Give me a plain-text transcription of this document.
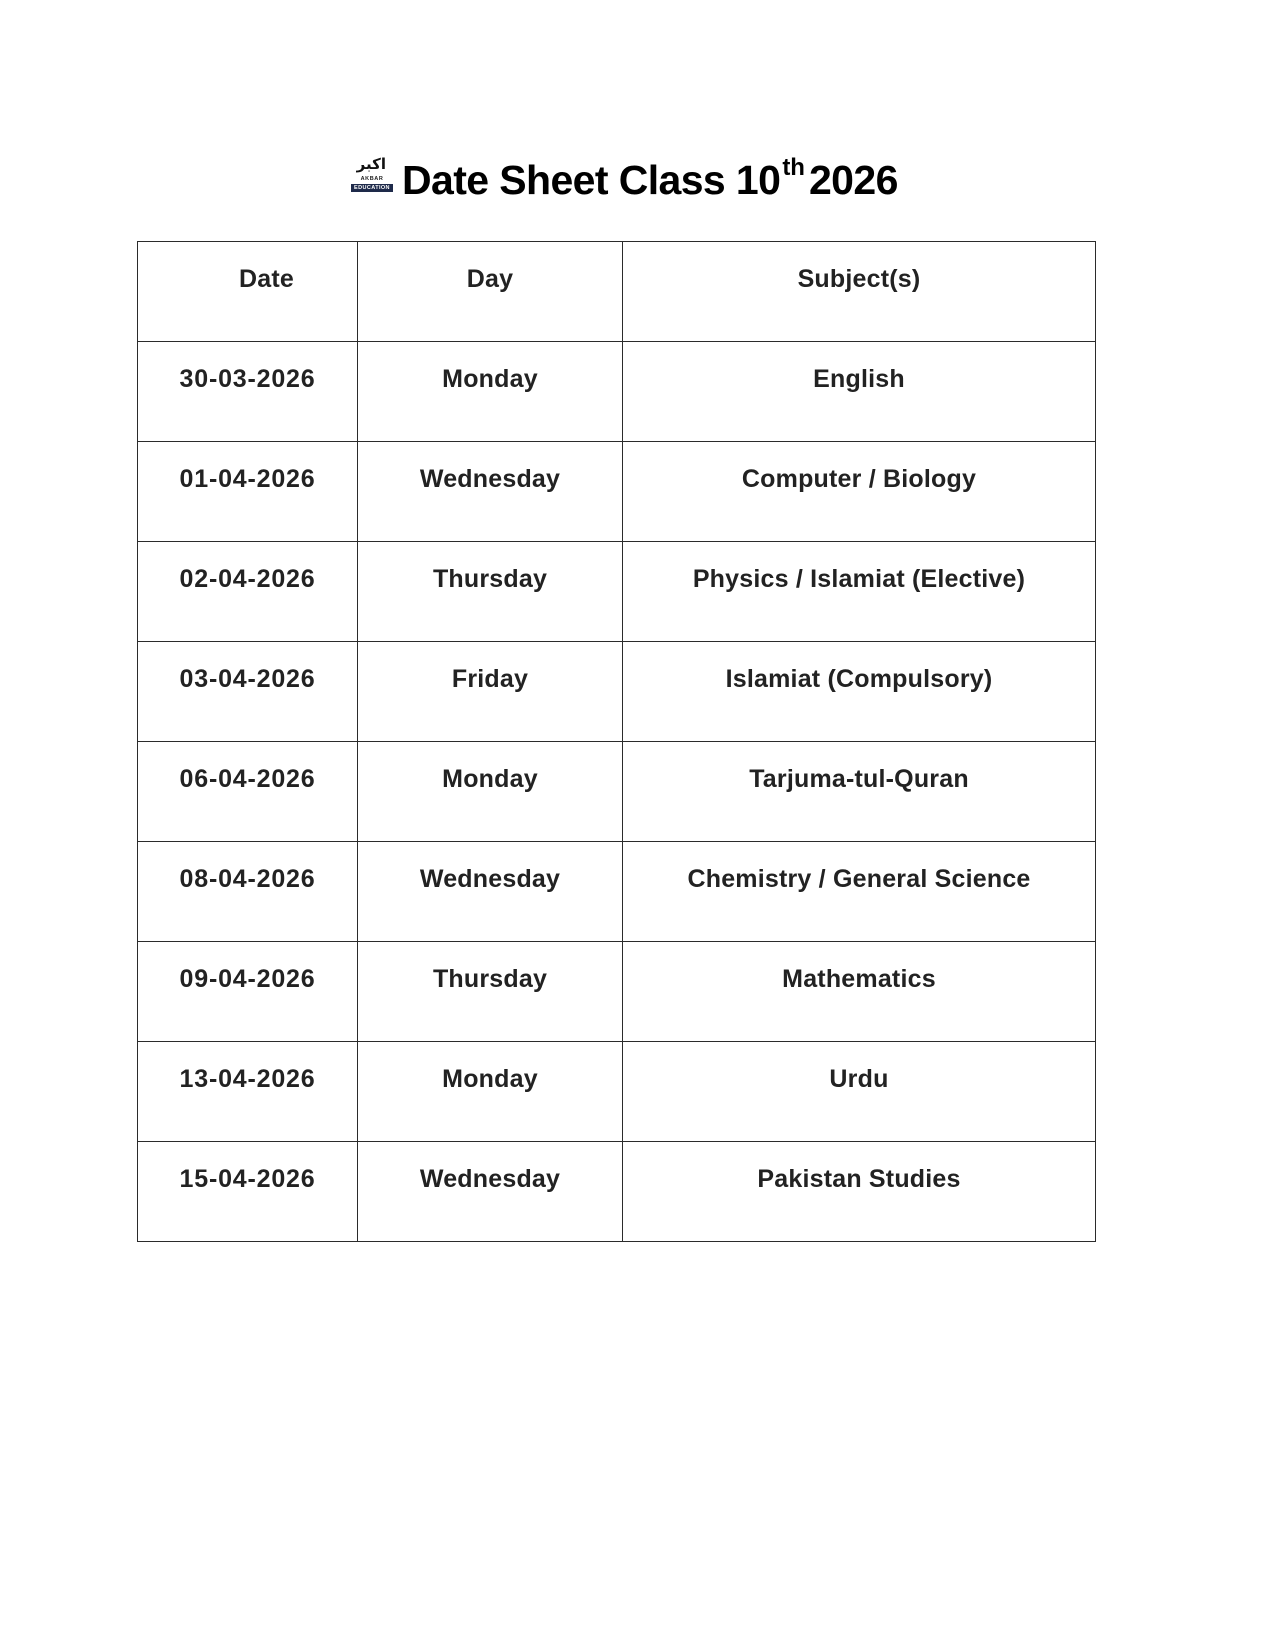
اکبر
AKBAR
EDUCATION Date Sheet Class 10th2026
Date	Day	Subject(s)
30-03-2026	Monday	English
01-04-2026	Wednesday	Computer / Biology
02-04-2026	Thursday	Physics / Islamiat (Elective)
03-04-2026	Friday	Islamiat (Compulsory)
06-04-2026	Monday	Tarjuma-tul-Quran
08-04-2026	Wednesday	Chemistry / General Science
09-04-2026	Thursday	Mathematics
13-04-2026	Monday	Urdu
15-04-2026	Wednesday	Pakistan Studies
